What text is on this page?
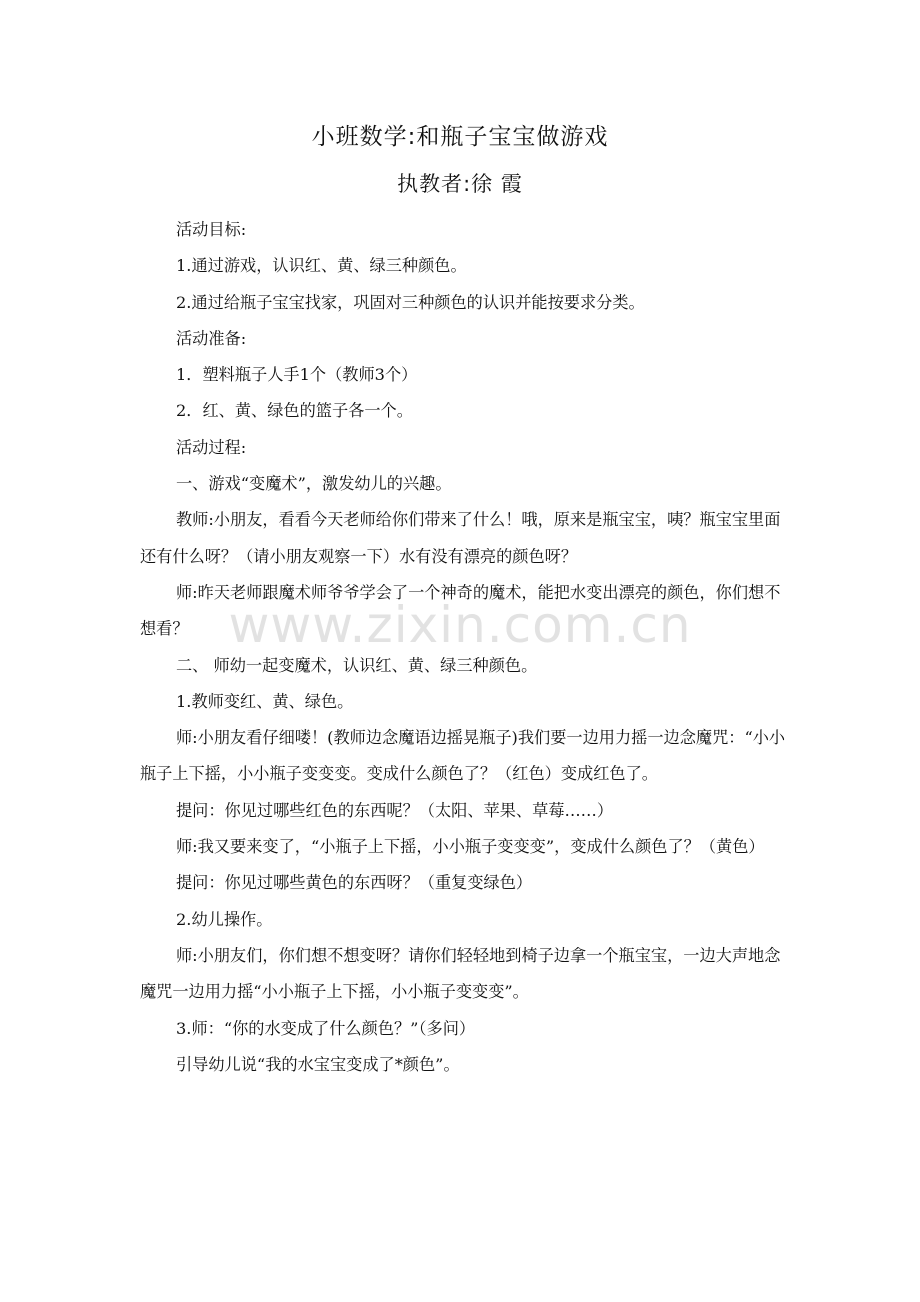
小班数学:和瓶子宝宝做游戏
执教者:徐 霞

活动目标:

1.通过游戏，认识红、黄、绿三种颜色。

2.通过给瓶子宝宝找家，巩固对三种颜色的认识并能按要求分类。

活动准备:

1．塑料瓶子人手1个（教师3个）

2．红、黄、绿色的篮子各一个。

活动过程:

一、游戏“变魔术”，激发幼儿的兴趣。

教师:小朋友，看看今天老师给你们带来了什么！哦，原来是瓶宝宝，咦？瓶宝宝里面还有什么呀？（请小朋友观察一下）水有没有漂亮的颜色呀？

师:昨天老师跟魔术师爷爷学会了一个神奇的魔术，能把水变出漂亮的颜色，你们想不想看？

二、 师幼一起变魔术，认识红、黄、绿三种颜色。

1.教师变红、黄、绿色。

师:小朋友看仔细喽！(教师边念魔语边摇晃瓶子)我们要一边用力摇一边念魔咒：“小小瓶子上下摇，小小瓶子变变变。变成什么颜色了？（红色）变成红色了。

提问：你见过哪些红色的东西呢？（太阳、苹果、草莓……）

师:我又要来变了，“小瓶子上下摇，小小瓶子变变变”，变成什么颜色了？（黄色）

提问：你见过哪些黄色的东西呀？（重复变绿色）

2.幼儿操作。

师:小朋友们，你们想不想变呀？请你们轻轻地到椅子边拿一个瓶宝宝，一边大声地念魔咒一边用力摇“小小瓶子上下摇，小小瓶子变变变”。

3.师：“你的水变成了什么颜色？”（多问）

引导幼儿说“我的水宝宝变成了*颜色”。

www.zixin.com.cn
